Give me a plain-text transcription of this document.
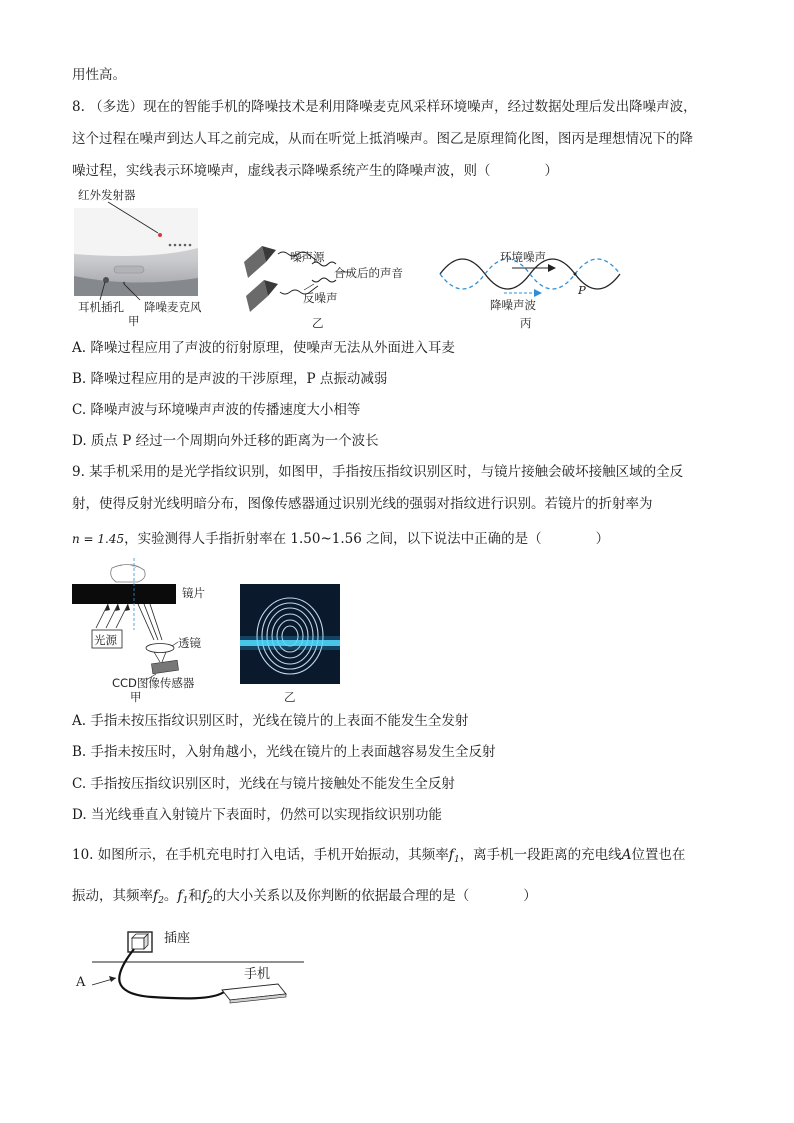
用性高。
8. （多选）现在的智能手机的降噪技术是利用降噪麦克风采样环境噪声，经过数据处理后发出降噪声波，
这个过程在噪声到达人耳之前完成，从而在听觉上抵消噪声。图乙是原理简化图，图丙是理想情况下的降
噪过程，实线表示环境噪声，虚线表示降噪系统产生的降噪声波，则（　　　　）
红外发射器
耳机插孔 降噪麦克风
甲
噪声源
合成后的声音
反噪声
乙
环境噪声
降噪声波
P
丙
A. 降噪过程应用了声波的衍射原理，使噪声无法从外面进入耳麦
B. 降噪过程应用的是声波的干涉原理，P 点振动减弱
C. 降噪声波与环境噪声声波的传播速度大小相等
D. 质点 P 经过一个周期向外迁移的距离为一个波长
9. 某手机采用的是光学指纹识别，如图甲，手指按压指纹识别区时，与镜片接触会破坏接触区域的全反
射，使得反射光线明暗分布，图像传感器通过识别光线的强弱对指纹进行识别。若镜片的折射率为
n = 1.45，实验测得人手指折射率在 1.50~1.56 之间，以下说法中正确的是（　　　　）
镜片
光源	透镜
CCD图像传感器
甲	乙
A. 手指未按压指纹识别区时，光线在镜片的上表面不能发生全发射
B. 手指未按压时，入射角越小，光线在镜片的上表面越容易发生全反射
C. 手指按压指纹识别区时，光线在与镜片接触处不能发生全反射
D. 当光线垂直入射镜片下表面时，仍然可以实现指纹识别功能
10. 如图所示，在手机充电时打入电话，手机开始振动，其频率$f_1$，离手机一段距离的充电线A位置也在
振动，其频率$f_2$。$f_1$和$f_2$的大小关系以及你判断的依据最合理的是（　　　　）
插座
手机
A
